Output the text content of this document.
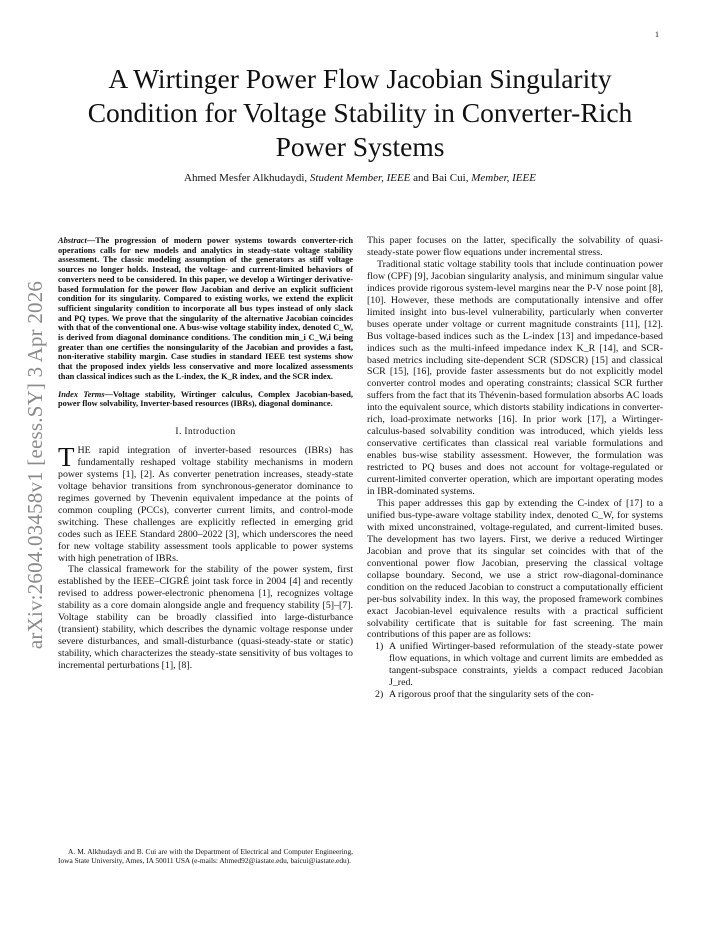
1
arXiv:2604.03458v1 [eess.SY] 3 Apr 2026
A Wirtinger Power Flow Jacobian Singularity Condition for Voltage Stability in Converter-Rich Power Systems
Ahmed Mesfer Alkhudaydi, Student Member, IEEE and Bai Cui, Member, IEEE

Abstract—The progression of modern power systems towards converter-rich operations calls for new models and analytics in steady-state voltage stability assessment. The classic modeling assumption of the generators as stiff voltage sources no longer holds. Instead, the voltage- and current-limited behaviors of converters need to be considered. In this paper, we develop a Wirtinger derivative-based formulation for the power flow Jacobian and derive an explicit sufficient condition for its singularity. Compared to existing works, we extend the explicit sufficient singularity condition to incorporate all bus types instead of only slack and PQ types. We prove that the singularity of the alternative Jacobian coincides with that of the conventional one. A bus-wise voltage stability index, denoted C_W, is derived from diagonal dominance conditions. The condition min_i C_W,i being greater than one certifies the nonsingularity of the Jacobian and provides a fast, non-iterative stability margin. Case studies in standard IEEE test systems show that the proposed index yields less conservative and more localized assessments than classical indices such as the L-index, the K_R index, and the SCR index.

Index Terms—Voltage stability, Wirtinger calculus, Complex Jacobian-based, power flow solvability, Inverter-based resources (IBRs), diagonal dominance.

I. Introduction

THE rapid integration of inverter-based resources (IBRs) has fundamentally reshaped voltage stability mechanisms in modern power systems [1], [2]. As converter penetration increases, steady-state voltage behavior transitions from synchronous-generator dominance to regimes governed by Thevenin equivalent impedance at the points of common coupling (PCCs), converter current limits, and control-mode switching. These challenges are explicitly reflected in emerging grid codes such as IEEE Standard 2800–2022 [3], which underscores the need for new voltage stability assessment tools applicable to power systems with high penetration of IBRs.

The classical framework for the stability of the power system, first established by the IEEE–CIGRÉ joint task force in 2004 [4] and recently revised to address power-electronic phenomena [1], recognizes voltage stability as a core domain alongside angle and frequency stability [5]–[7]. Voltage stability can be broadly classified into large-disturbance (transient) stability, which describes the dynamic voltage response under severe disturbances, and small-disturbance (quasi-steady-state or static) stability, which characterizes the steady-state sensitivity of bus voltages to incremental perturbations [1], [8].

A. M. Alkhudaydi and B. Cui are with the Department of Electrical and Computer Engineering, Iowa State University, Ames, IA 50011 USA (e-mails: Ahmed92@iastate.edu, baicui@iastate.edu).

This paper focuses on the latter, specifically the solvability of quasi-steady-state power flow equations under incremental stress.

Traditional static voltage stability tools that include continuation power flow (CPF) [9], Jacobian singularity analysis, and minimum singular value indices provide rigorous system-level margins near the P-V nose point [8], [10]. However, these methods are computationally intensive and offer limited insight into bus-level vulnerability, particularly when converter buses operate under voltage or current magnitude constraints [11], [12]. Bus voltage-based indices such as the L-index [13] and impedance-based indices such as the multi-infeed impedance index K_R [14], and SCR-based metrics including site-dependent SCR (SDSCR) [15] and classical SCR [15], [16], provide faster assessments but do not explicitly model converter control modes and operating constraints; classical SCR further suffers from the fact that its Thévenin-based formulation absorbs AC loads into the equivalent source, which distorts stability indications in converter-rich, load-proximate networks [16]. In prior work [17], a Wirtinger-calculus-based solvability condition was introduced, which yields less conservative certificates than classical real variable formulations and enables bus-wise stability assessment. However, the formulation was restricted to PQ buses and does not account for voltage-regulated or current-limited converter operation, which are important operating modes in IBR-dominated systems.

This paper addresses this gap by extending the C-index of [17] to a unified bus-type-aware voltage stability index, denoted C_W, for systems with mixed unconstrained, voltage-regulated, and current-limited buses. The development has two layers. First, we derive a reduced Wirtinger Jacobian and prove that its singular set coincides with that of the conventional power flow Jacobian, preserving the classical voltage collapse boundary. Second, we use a strict row-diagonal-dominance condition on the reduced Jacobian to construct a computationally efficient per-bus solvability index. In this way, the proposed framework combines exact Jacobian-level equivalence results with a practical sufficient solvability certificate that is suitable for fast screening. The main contributions of this paper are as follows:

1) A unified Wirtinger-based reformulation of the steady-state power flow equations, in which voltage and current limits are embedded as tangent-subspace constraints, yields a compact reduced Jacobian J_red.
2) A rigorous proof that the singularity sets of the con-
